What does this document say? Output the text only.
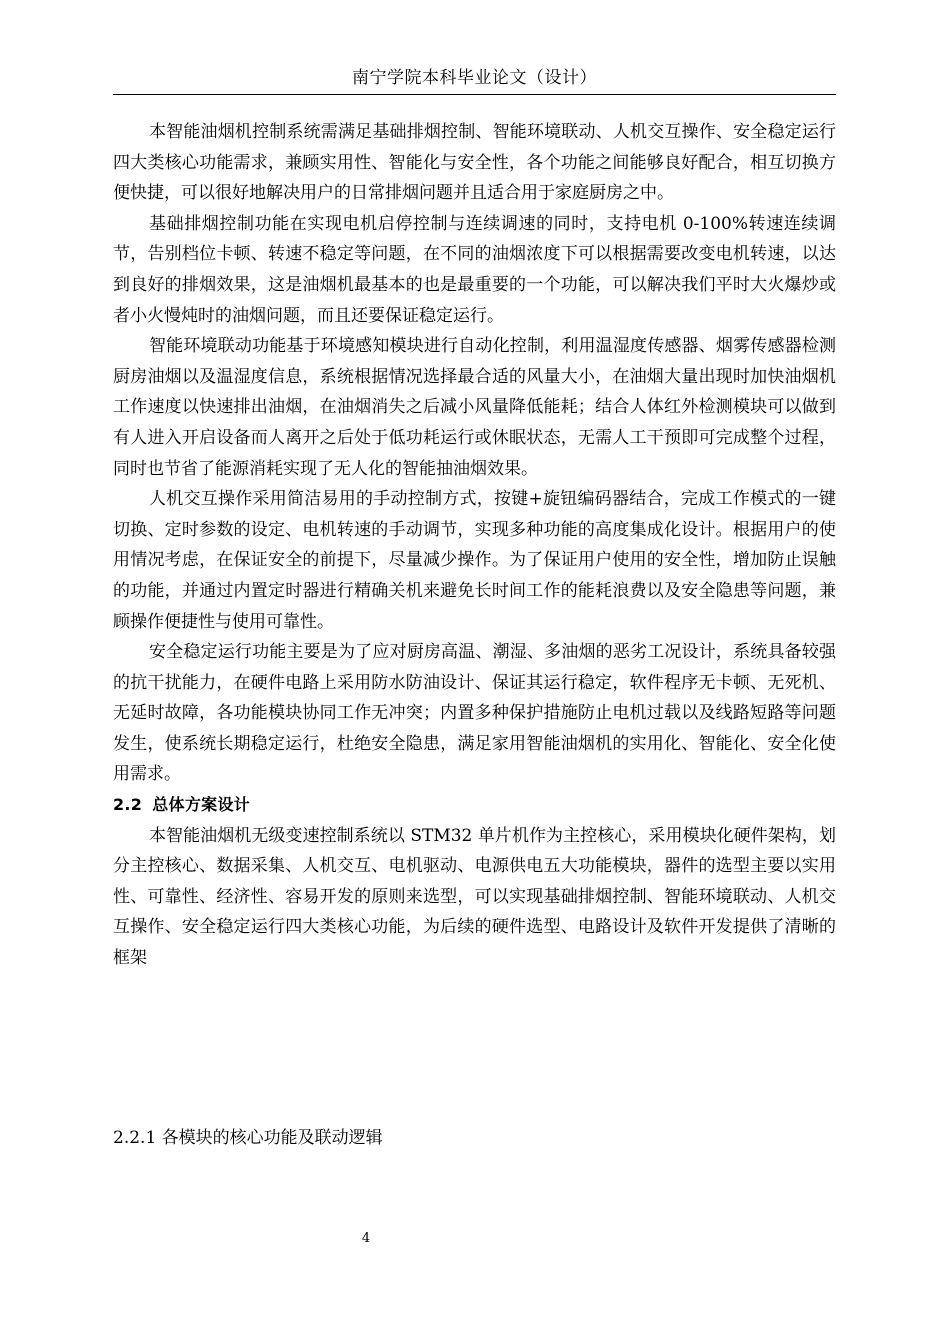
南宁学院本科毕业论文（设计）

本智能油烟机控制系统需满足基础排烟控制、智能环境联动、人机交互操作、安全稳定运行四大类核心功能需求，兼顾实用性、智能化与安全性，各个功能之间能够良好配合，相互切换方便快捷，可以很好地解决用户的日常排烟问题并且适合用于家庭厨房之中。

基础排烟控制功能在实现电机启停控制与连续调速的同时，支持电机 0-100%转速连续调节，告别档位卡顿、转速不稳定等问题，在不同的油烟浓度下可以根据需要改变电机转速，以达到良好的排烟效果，这是油烟机最基本的也是最重要的一个功能，可以解决我们平时大火爆炒或者小火慢炖时的油烟问题，而且还要保证稳定运行。

智能环境联动功能基于环境感知模块进行自动化控制，利用温湿度传感器、烟雾传感器检测厨房油烟以及温湿度信息，系统根据情况选择最合适的风量大小，在油烟大量出现时加快油烟机工作速度以快速排出油烟，在油烟消失之后减小风量降低能耗；结合人体红外检测模块可以做到有人进入开启设备而人离开之后处于低功耗运行或休眠状态，无需人工干预即可完成整个过程，同时也节省了能源消耗实现了无人化的智能抽油烟效果。

人机交互操作采用简洁易用的手动控制方式，按键+旋钮编码器结合，完成工作模式的一键切换、定时参数的设定、电机转速的手动调节，实现多种功能的高度集成化设计。根据用户的使用情况考虑，在保证安全的前提下，尽量减少操作。为了保证用户使用的安全性，增加防止误触的功能，并通过内置定时器进行精确关机来避免长时间工作的能耗浪费以及安全隐患等问题，兼顾操作便捷性与使用可靠性。

安全稳定运行功能主要是为了应对厨房高温、潮湿、多油烟的恶劣工况设计，系统具备较强的抗干扰能力，在硬件电路上采用防水防油设计、保证其运行稳定，软件程序无卡顿、无死机、无延时故障，各功能模块协同工作无冲突；内置多种保护措施防止电机过载以及线路短路等问题发生，使系统长期稳定运行，杜绝安全隐患，满足家用智能油烟机的实用化、智能化、安全化使用需求。

2.2 总体方案设计

本智能油烟机无级变速控制系统以 STM32 单片机作为主控核心，采用模块化硬件架构，划分主控核心、数据采集、人机交互、电机驱动、电源供电五大功能模块，器件的选型主要以实用性、可靠性、经济性、容易开发的原则来选型，可以实现基础排烟控制、智能环境联动、人机交互操作、安全稳定运行四大类核心功能，为后续的硬件选型、电路设计及软件开发提供了清晰的框架

2.2.1 各模块的核心功能及联动逻辑

4
